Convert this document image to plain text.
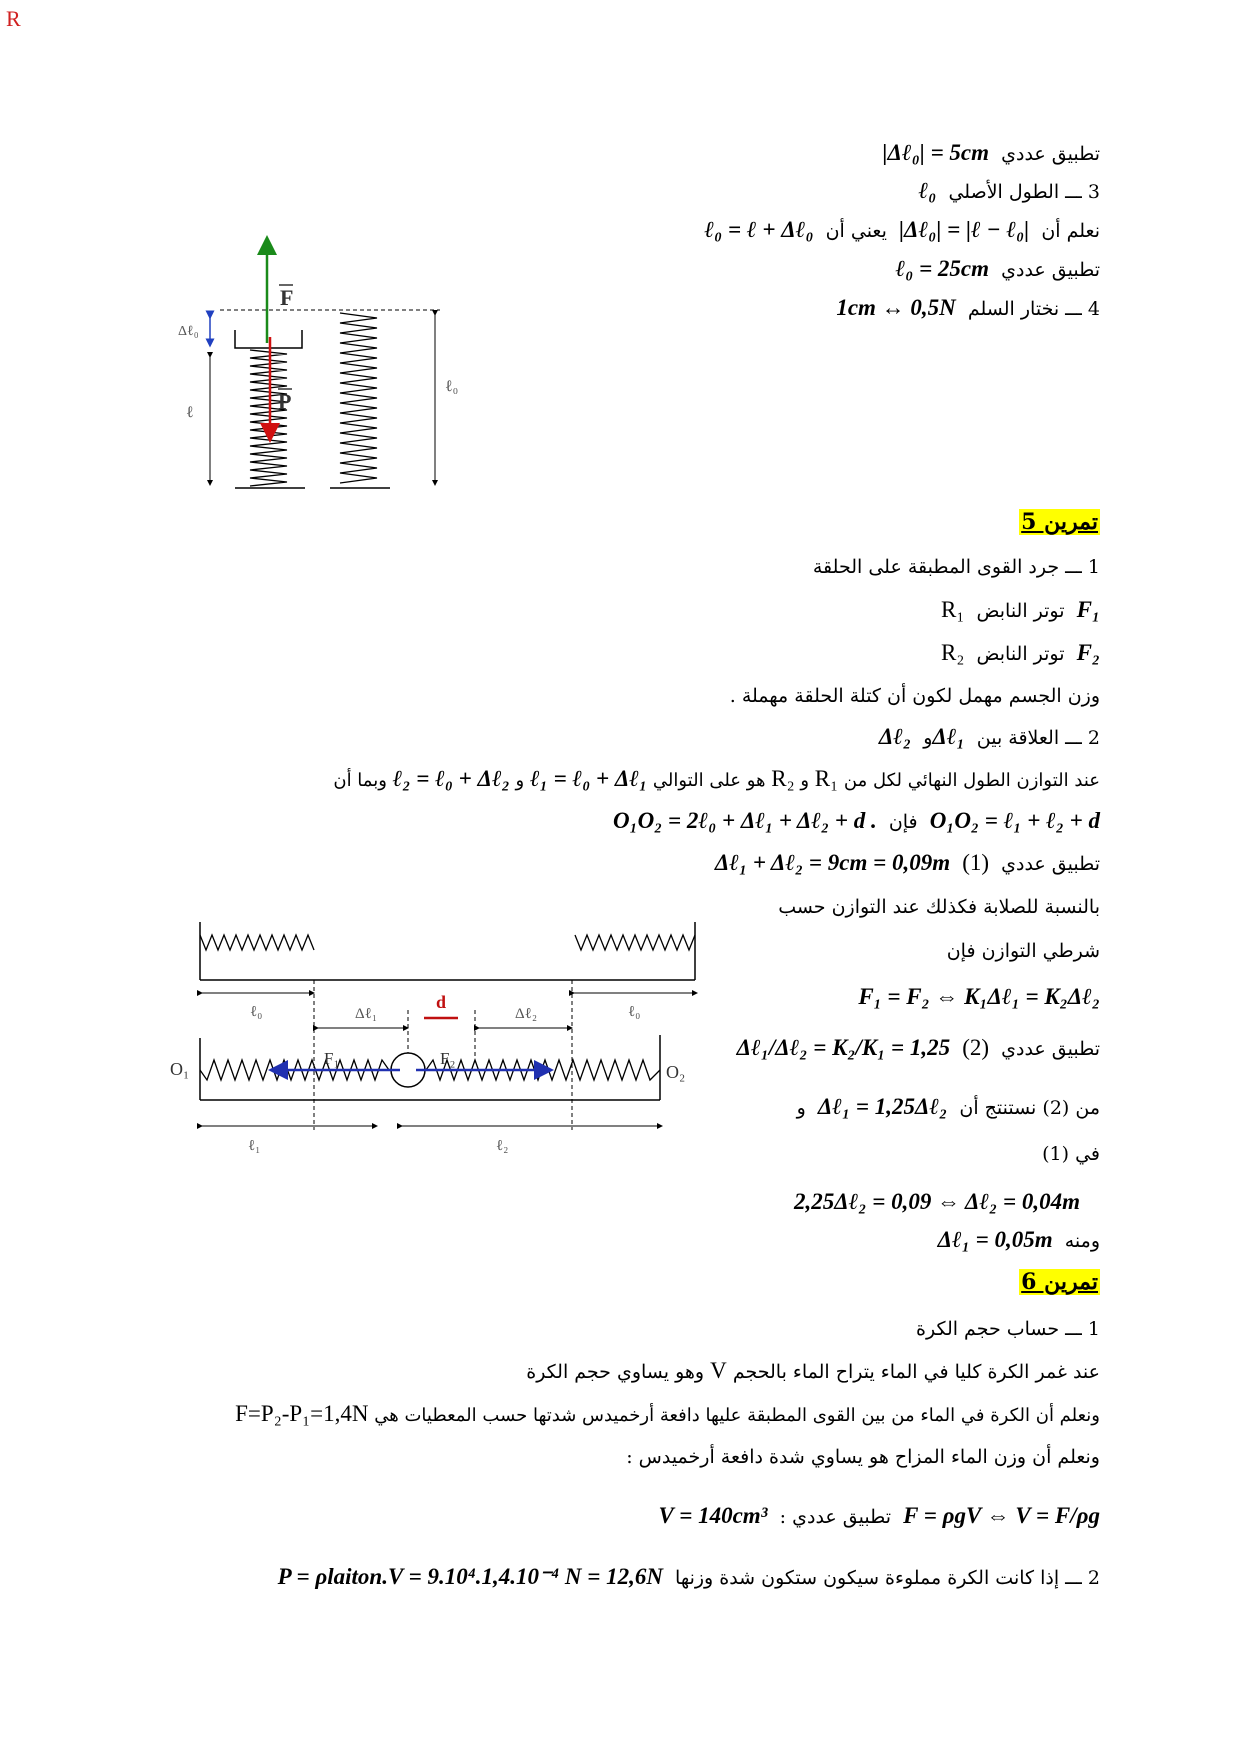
R
تطبيق عددي  |Δℓ₀| = 5cm
3 ـــ الطول الأصلي  ℓ₀
نعلم أن  |Δℓ₀| = |ℓ − ℓ₀|  يعني أن  ℓ₀ = ℓ + Δℓ₀
تطبيق عددي  ℓ₀ = 25cm
4 ـــ نختار السلم  1cm ↔ 0,5N
F
P
Δℓ₀
ℓ
ℓ₀
تمرين 5
1 ـــ جرد القوى المطبقة على الحلقة
F₁  توتر النابض  R₁
F₂  توتر النابض  R₂
وزن الجسم مهمل لكون أن كتلة الحلقة مهملة .
2 ـــ العلاقة بين  Δℓ₁و  Δℓ₂
عند التوازن الطول النهائي لكل من R₁ و R₂ هو على التوالي ℓ₁ = ℓ₀ + Δℓ₁ و ℓ₂ = ℓ₀ + Δℓ₂ وبما أن
O₁O₂ = ℓ₁ + ℓ₂ + d  فإن  O₁O₂ = 2ℓ₀ + Δℓ₁ + Δℓ₂ + d .
تطبيق عددي  Δℓ₁ + Δℓ₂ = 9cm = 0,09m (1)
بالنسبة للصلابة فكذلك عند التوازن حسب
شرطي التوازن فإن
F₁ = F₂ ⇔ K₁Δℓ₁ = K₂Δℓ₂
تطبيق عددي  Δℓ₁/Δℓ₂ = K₂/K₁ = 1,25 (2)
من (2) نستنتج أن  Δℓ₁ = 1,25Δℓ₂  و
في (1)
2,25Δℓ₂ = 0,09 ⇔ Δℓ₂ = 0,04m
ومنه  Δℓ₁ = 0,05m
ℓ₀	ℓ₀
Δℓ₁	Δℓ₂
d
O₁	O₂
F₁	F₂
ℓ₁	ℓ₂
تمرين 6
1 ـــ حساب حجم الكرة
عند غمر الكرة كليا في الماء يتراح الماء بالحجم V وهو يساوي حجم الكرة
ونعلم أن الكرة في الماء من بين القوى المطبقة عليها دافعة أرخميدس شدتها حسب المعطيات هي F=P₂-P₁=1,4N
ونعلم أن وزن الماء المزاح هو يساوي شدة دافعة أرخميدس :
F = ρgV ⇔ V = F/ρg  تطبيق عددي :  V = 140cm³
2 ـــ إذا كانت الكرة مملوءة سيكون ستكون شدة وزنها  P = ρlaiton.V = 9.10⁴.1,4.10⁻⁴ N = 12,6N
